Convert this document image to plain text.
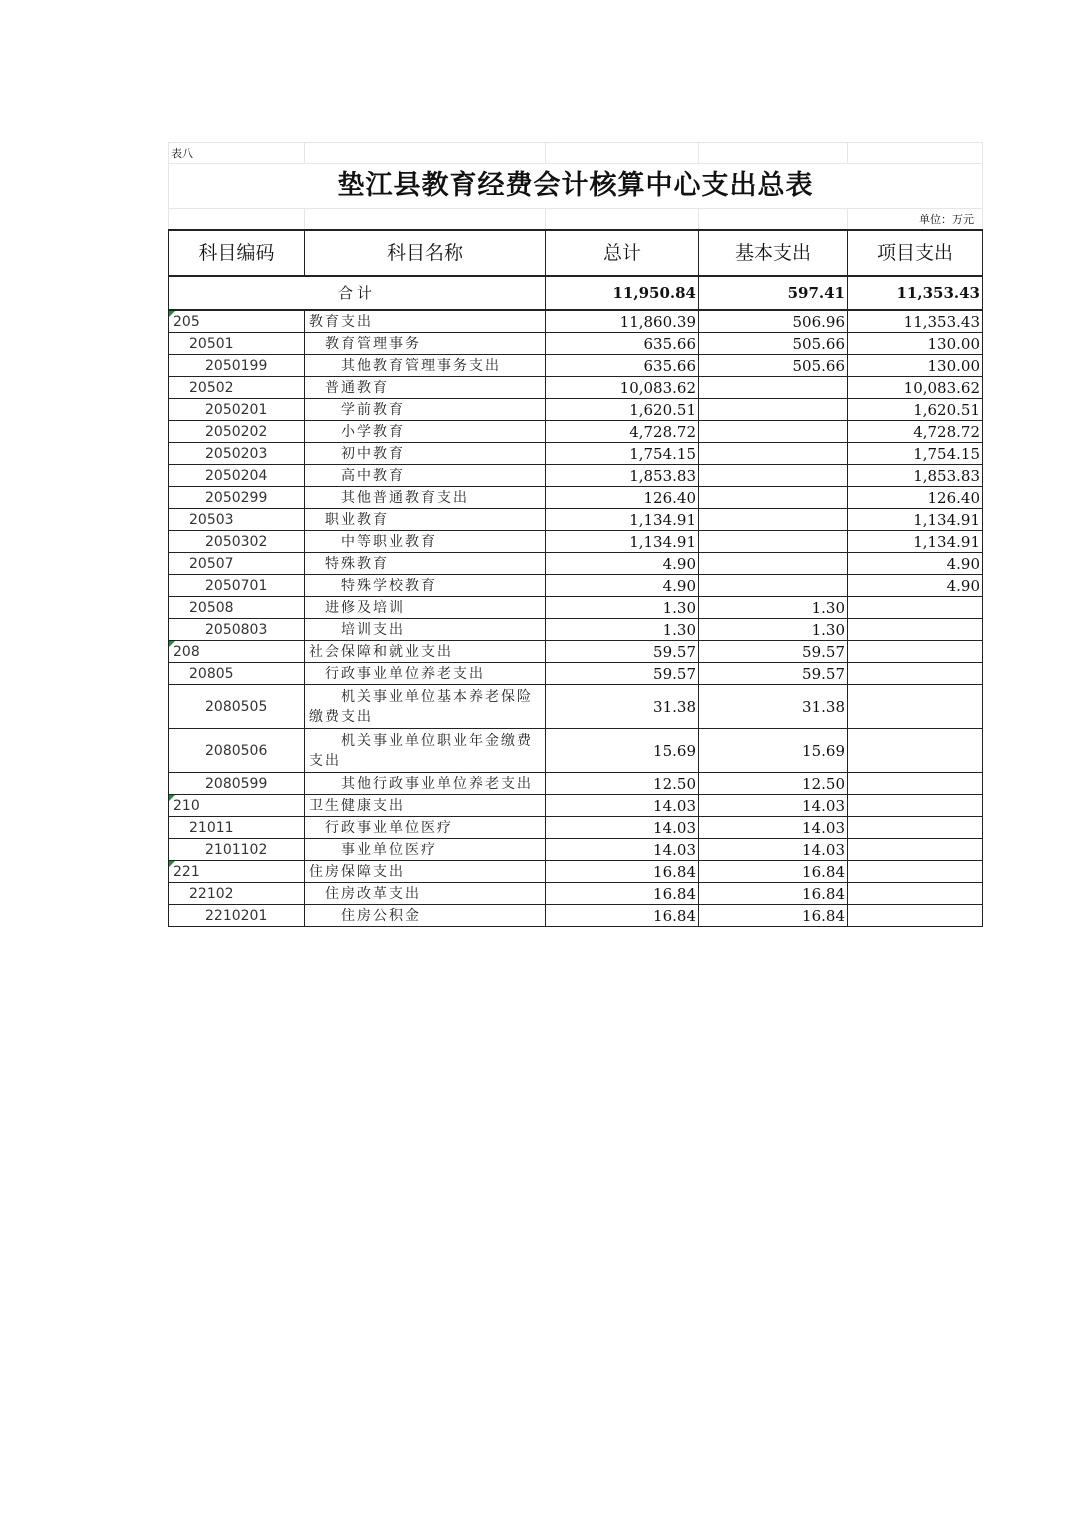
表八				
垫江县教育经费会计核算中心支出总表				
				单位：万元
科目编码	科目名称	总计	基本支出	项目支出
合计		11,950.84	597.41	11,353.43
205	教育支出	11,860.39	506.96	11,353.43
20501	教育管理事务	635.66	505.66	130.00
2050199	其他教育管理事务支出	635.66	505.66	130.00
20502	普通教育	10,083.62		10,083.62
2050201	学前教育	1,620.51		1,620.51
2050202	小学教育	4,728.72		4,728.72
2050203	初中教育	1,754.15		1,754.15
2050204	高中教育	1,853.83		1,853.83
2050299	其他普通教育支出	126.40		126.40
20503	职业教育	1,134.91		1,134.91
2050302	中等职业教育	1,134.91		1,134.91
20507	特殊教育	4.90		4.90
2050701	特殊学校教育	4.90		4.90
20508	进修及培训	1.30	1.30	
2050803	培训支出	1.30	1.30	
208	社会保障和就业支出	59.57	59.57	
20805	行政事业单位养老支出	59.57	59.57	
2080505	机关事业单位基本养老保险缴费支出	31.38	31.38	
2080506	机关事业单位职业年金缴费支出	15.69	15.69	
2080599	其他行政事业单位养老支出	12.50	12.50	
210	卫生健康支出	14.03	14.03	
21011	行政事业单位医疗	14.03	14.03	
2101102	事业单位医疗	14.03	14.03	
221	住房保障支出	16.84	16.84	
22102	住房改革支出	16.84	16.84	
2210201	住房公积金	16.84	16.84	
